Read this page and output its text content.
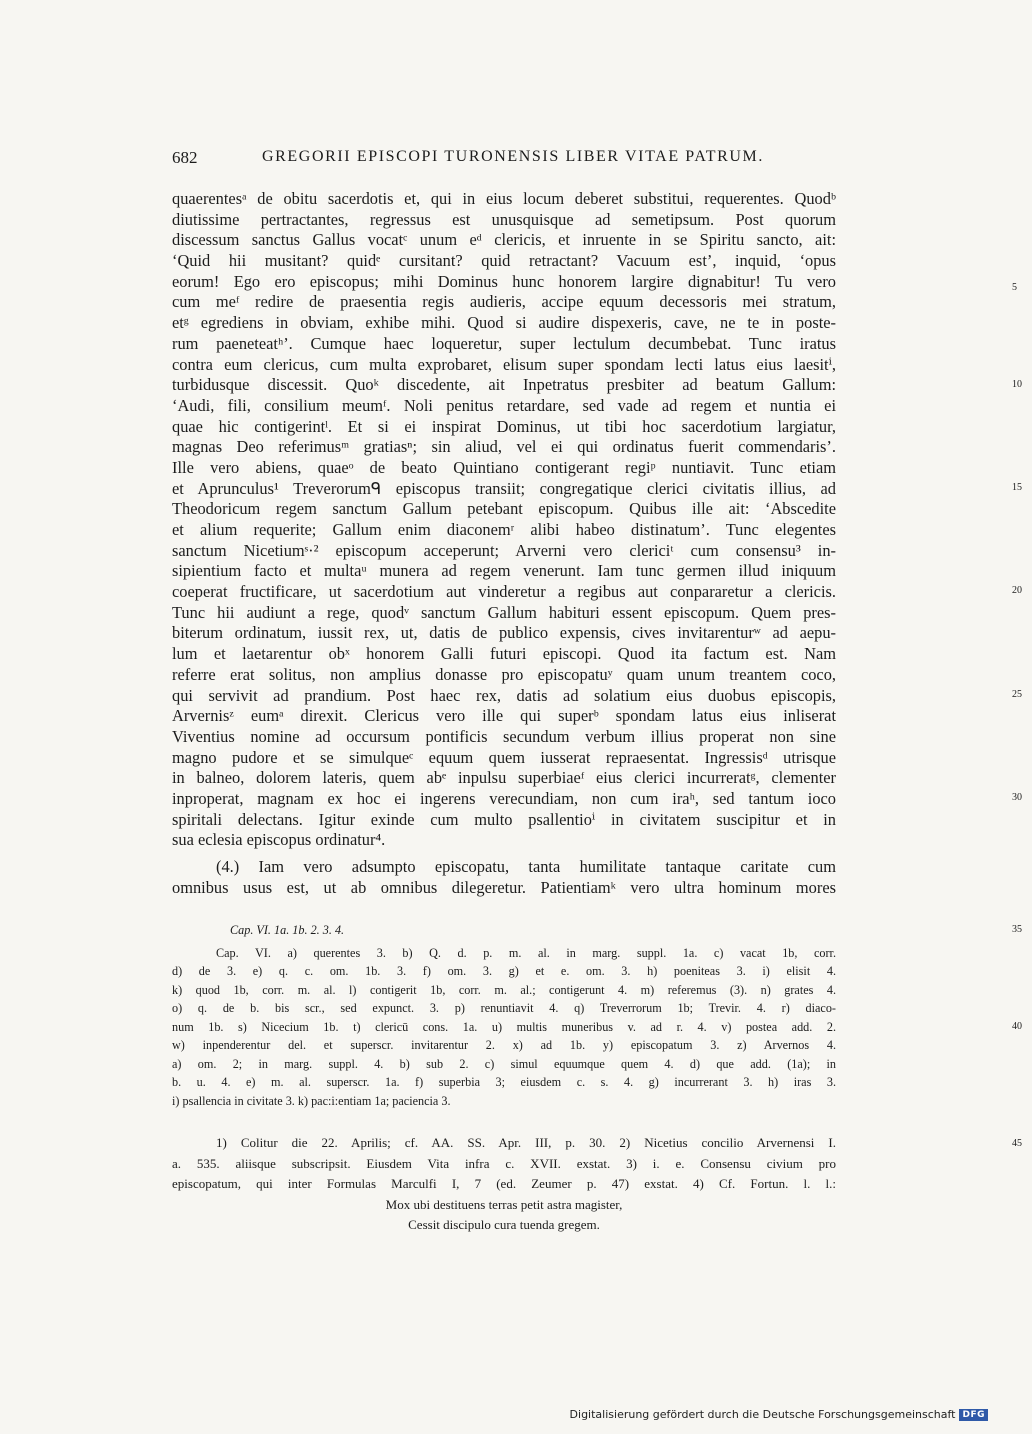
682	GREGORII EPISCOPI TURONENSIS LIBER VITAE PATRUM.
quaerentesᵃ de obitu sacerdotis et, qui in eius locum deberet substitui, requerentes. Quodᵇ
diutissime pertractantes, regressus est unusquisque ad semetipsum. Post quorum
discessum sanctus Gallus vocatᶜ unum eᵈ clericis, et inruente in se Spiritu sancto, ait:
‘Quid hii musitant? quidᵉ cursitant? quid retractant? Vacuum est’, inquid, ‘opus
eorum! Ego ero episcopus; mihi Dominus hunc honorem largire dignabitur! Tu vero
cum meᶠ redire de praesentia regis audieris, accipe equum decessoris mei stratum,
etᵍ egrediens in obviam, exhibe mihi. Quod si audire dispexeris, cave, ne te in poste-
rum paeneteatʰ’. Cumque haec loqueretur, super lectulum decumbebat. Tunc iratus
contra eum clericus, cum multa exprobaret, elisum super spondam lecti latus eius laesitⁱ,
turbidusque discessit. Quoᵏ discedente, ait Inpetratus presbiter ad beatum Gallum:
‘Audi, fili, consilium meumᶠ. Noli penitus retardare, sed vade ad regem et nuntia ei
quae hic contigerintˡ. Et si ei inspirat Dominus, ut tibi hoc sacerdotium largiatur,
magnas Deo referimusᵐ gratiasⁿ; sin aliud, vel ei qui ordinatus fuerit commendaris’.
Ille vero abiens, quaeᵒ de beato Quintiano contigerant regiᵖ nuntiavit. Tunc etiam
et Aprunculus¹ Treverorumᑫ episcopus transiit; congregatique clerici civitatis illius, ad
Theodoricum regem sanctum Gallum petebant episcopum. Quibus ille ait: ‘Abscedite
et alium requerite; Gallum enim diaconemʳ alibi habeo distinatum’. Tunc elegentes
sanctum Nicetiumˢ·² episcopum acceperunt; Arverni vero clericiᵗ cum consensu³ in-
sipientium facto et multaᵘ munera ad regem venerunt. Iam tunc germen illud iniquum
coeperat fructificare, ut sacerdotium aut vinderetur a regibus aut conpararetur a clericis.
Tunc hii audiunt a rege, quodᵛ sanctum Gallum habituri essent episcopum. Quem pres-
biterum ordinatum, iussit rex, ut, datis de publico expensis, cives invitarenturʷ ad aepu-
lum et laetarentur obˣ honorem Galli futuri episcopi. Quod ita factum est. Nam
referre erat solitus, non amplius donasse pro episcopatuʸ quam unum treantem coco,
qui servivit ad prandium. Post haec rex, datis ad solatium eius duobus episcopis,
Arvernisᶻ eumᵃ direxit. Clericus vero ille qui superᵇ spondam latus eius inliserat
Viventius nomine ad occursum pontificis secundum verbum illius properat non sine
magno pudore et se simulqueᶜ equum quem iusserat repraesentat. Ingressisᵈ utrisque
in balneo, dolorem lateris, quem abᵉ inpulsu superbiaeᶠ eius clerici incurreratᵍ, clementer
inproperat, magnam ex hoc ei ingerens verecundiam, non cum iraʰ, sed tantum ioco
spiritali delectans. Igitur exinde cum multo psallentioⁱ in civitatem suscipitur et in
sua eclesia episcopus ordinatur⁴.
(4.) Iam vero adsumpto episcopatu, tanta humilitate tantaque caritate cum
omnibus usus est, ut ab omnibus dilegeretur. Patientiamᵏ vero ultra hominum mores
5
10
15
20
25
30
Cap. VI. 1a. 1b. 2. 3. 4.
Cap. VI. a) querentes 3. b) Q. d. p. m. al. in marg. suppl. 1a. c) vacat 1b, corr.
d) de 3. e) q. c. om. 1b. 3. f) om. 3. g) et e. om. 3. h) poeniteas 3. i) elisit 4.
k) quod 1b, corr. m. al. l) contigerit 1b, corr. m. al.; contigerunt 4. m) referemus (3). n) grates 4.
o) q. de b. bis scr., sed expunct. 3. p) renuntiavit 4. q) Treverrorum 1b; Trevir. 4. r) diaco-
num 1b. s) Nicecium 1b. t) clericū cons. 1a. u) multis muneribus v. ad r. 4. v) postea add. 2.
w) inpenderentur del. et superscr. invitarentur 2. x) ad 1b. y) episcopatum 3. z) Arvernos 4.
a) om. 2; in marg. suppl. 4. b) sub 2. c) simul equumque quem 4. d) que add. (1a); in
b. u. 4. e) m. al. superscr. 1a. f) superbia 3; eiusdem c. s. 4. g) incurrerant 3. h) iras 3.
i) psallencia in civitate 3. k) pac:i:entiam 1a; paciencia 3.
35
40
1) Colitur die 22. Aprilis; cf. AA. SS. Apr. III, p. 30. 2) Nicetius concilio Arvernensi I.
a. 535. aliisque subscripsit. Eiusdem Vita infra c. XVII. exstat. 3) i. e. Consensu civium pro
episcopatum, qui inter Formulas Marculfi I, 7 (ed. Zeumer p. 47) exstat. 4) Cf. Fortun. l. l.:
Mox ubi destituens terras petit astra magister,
Cessit discipulo cura tuenda gregem.
45
Digitalisierung gefördert durch die Deutsche Forschungsgemeinschaft DFG
